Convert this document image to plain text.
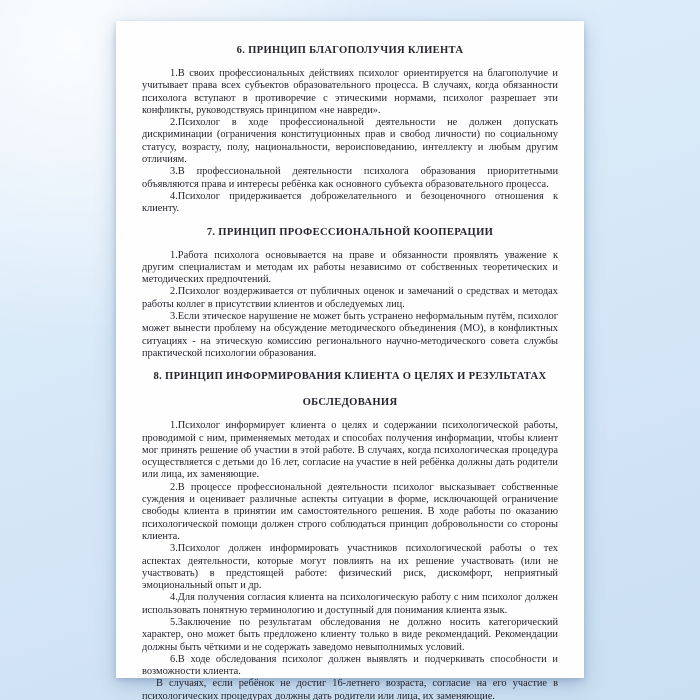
6. ПРИНЦИП БЛАГОПОЛУЧИЯ КЛИЕНТА

1.В своих профессиональных действиях психолог ориентируется на благополучие и учитывает права всех субъектов образовательного процесса. В случаях, когда обязанности психолога вступают в противоречие с этическими нормами, психолог разрешает эти конфликты, руководствуясь принципом «не навреди».

2.Психолог в ходе профессиональной деятельности не должен допускать дискриминации (ограничения конституционных прав и свобод личности) по социальному статусу, возрасту, полу, национальности, вероисповеданию, интеллекту и любым другим отличиям.

3.В профессиональной деятельности психолога образования приоритетными объявляются права и интересы ребёнка как основного субъекта образовательного процесса.

4.Психолог придерживается доброжелательного и безоценочного отношения к клиенту.

7. ПРИНЦИП ПРОФЕССИОНАЛЬНОЙ КООПЕРАЦИИ

1.Работа психолога основывается на праве и обязанности проявлять уважение к другим специалистам и методам их работы независимо от собственных теоретических и методических предпочтений.

2.Психолог воздерживается от публичных оценок и замечаний о средствах и методах работы коллег в присутствии клиентов и обследуемых лиц.

3.Если этическое нарушение не может быть устранено неформальным путём, психолог может вынести проблему на обсуждение методического объединения (МО), в конфликтных ситуациях - на этическую комиссию регионального научно-методического совета службы практической психологии образования.

8. ПРИНЦИП ИНФОРМИРОВАНИЯ КЛИЕНТА О ЦЕЛЯХ И РЕЗУЛЬТАТАХ
ОБСЛЕДОВАНИЯ

1.Психолог информирует клиента о целях и содержании психологической работы, проводимой с ним, применяемых методах и способах получения информации, чтобы клиент мог принять решение об участии в этой работе. В случаях, когда психологическая процедура осуществляется с детьми до 16 лет, согласие на участие в ней ребёнка должны дать родители или лица, их заменяющие.

2.В процессе профессиональной деятельности психолог высказывает собственные суждения и оценивает различные аспекты ситуации в форме, исключающей ограничение свободы клиента в принятии им самостоятельного решения. В ходе работы по оказанию психологической помощи должен строго соблюдаться принцип добровольности со стороны клиента.

3.Психолог должен информировать участников психологической работы о тех аспектах деятельности, которые могут повлиять на их решение участвовать (или не участвовать) в предстоящей работе: физический риск, дискомфорт, неприятный эмоциональный опыт и др.

4.Для получения согласия клиента на психологическую работу с ним психолог должен использовать понятную терминологию и доступный для понимания клиента язык.

5.Заключение по результатам обследования не должно носить категорический характер, оно может быть предложено клиенту только в виде рекомендаций. Рекомендации должны быть чёткими и не содержать заведомо невыполнимых условий.

6.В ходе обследования психолог должен выявлять и подчеркивать способности и возможности клиента.

В случаях, если ребёнок не достиг 16-летнего возраста, согласие на его участие в психологических процедурах должны дать родители или лица, их заменяющие.
